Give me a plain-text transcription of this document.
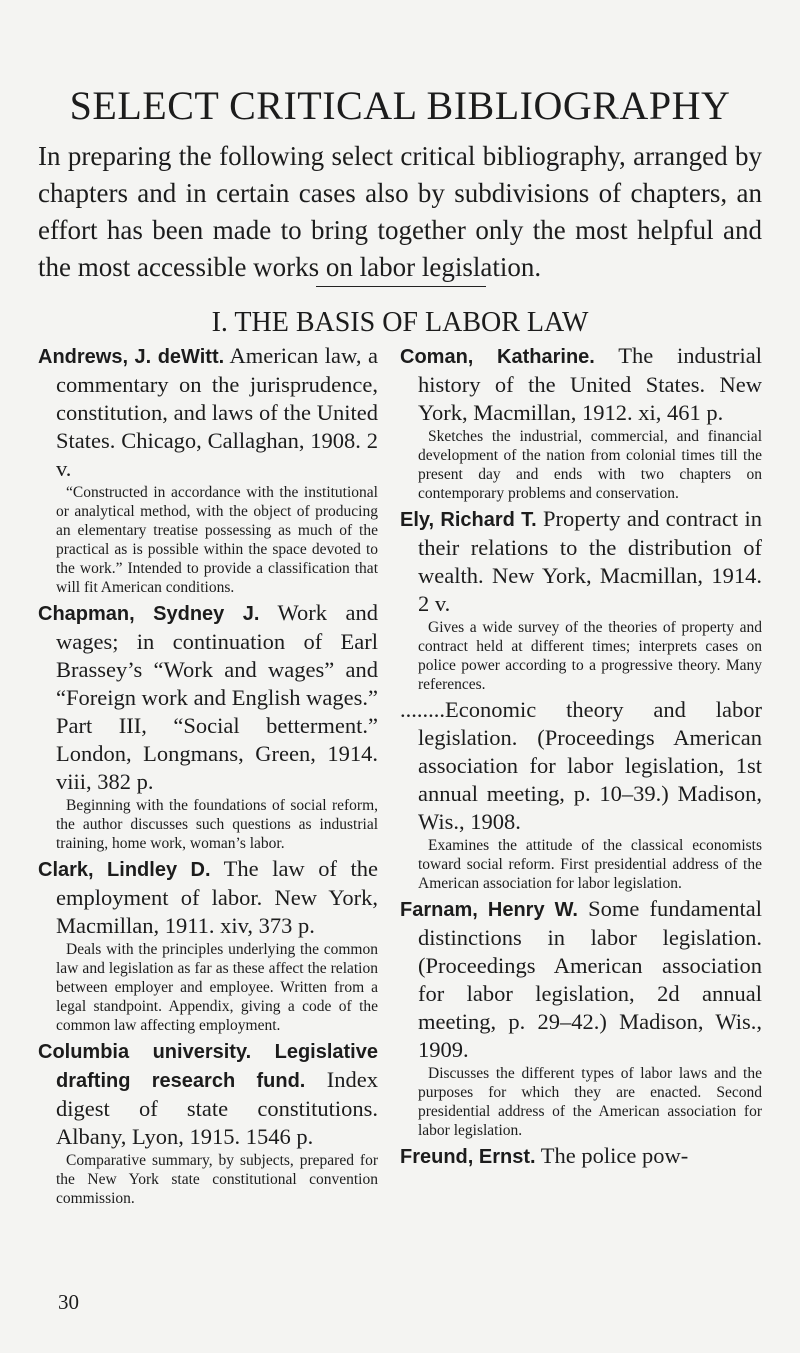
SELECT CRITICAL BIBLIOGRAPHY
In preparing the following select critical bibliography, arranged by chapters and in certain cases also by subdivisions of chapters, an effort has been made to bring together only the most helpful and the most accessible works on labor legislation.
I. THE BASIS OF LABOR LAW
Andrews, J. deWitt. American law, a commentary on the jurisprudence, constitution, and laws of the United States. Chicago, Callaghan, 1908. 2 v.
“Constructed in accordance with the institutional or analytical method, with the object of producing an elementary treatise possessing as much of the practical as is possible within the space devoted to the work.” Intended to provide a classification that will fit American conditions.
Chapman, Sydney J. Work and wages; in continuation of Earl Brassey’s “Work and wages” and “Foreign work and English wages.” Part III, “Social betterment.” London, Longmans, Green, 1914. viii, 382 p.
Beginning with the foundations of social reform, the author discusses such questions as industrial training, home work, woman’s labor.
Clark, Lindley D. The law of the employment of labor. New York, Macmillan, 1911. xiv, 373 p.
Deals with the principles underlying the common law and legislation as far as these affect the relation between employer and employee. Written from a legal standpoint. Appendix, giving a code of the common law affecting employment.
Columbia university. Legislative drafting research fund. Index digest of state constitutions. Albany, Lyon, 1915. 1546 p.
Comparative summary, by subjects, prepared for the New York state constitutional convention commission.
Coman, Katharine. The industrial history of the United States. New York, Macmillan, 1912. xi, 461 p.
Sketches the industrial, commercial, and financial development of the nation from colonial times till the present day and ends with two chapters on contemporary problems and conservation.
Ely, Richard T. Property and contract in their relations to the distribution of wealth. New York, Macmillan, 1914. 2 v.
Gives a wide survey of the theories of property and contract held at different times; interprets cases on police power according to a progressive theory. Many references.
........Economic theory and labor legislation. (Proceedings American association for labor legislation, 1st annual meeting, p. 10–39.) Madison, Wis., 1908.
Examines the attitude of the classical economists toward social reform. First presidential address of the American association for labor legislation.
Farnam, Henry W. Some fundamental distinctions in labor legislation. (Proceedings American association for labor legislation, 2d annual meeting, p. 29–42.) Madison, Wis., 1909.
Discusses the different types of labor laws and the purposes for which they are enacted. Second presidential address of the American association for labor legislation.
Freund, Ernst. The police pow-
30
